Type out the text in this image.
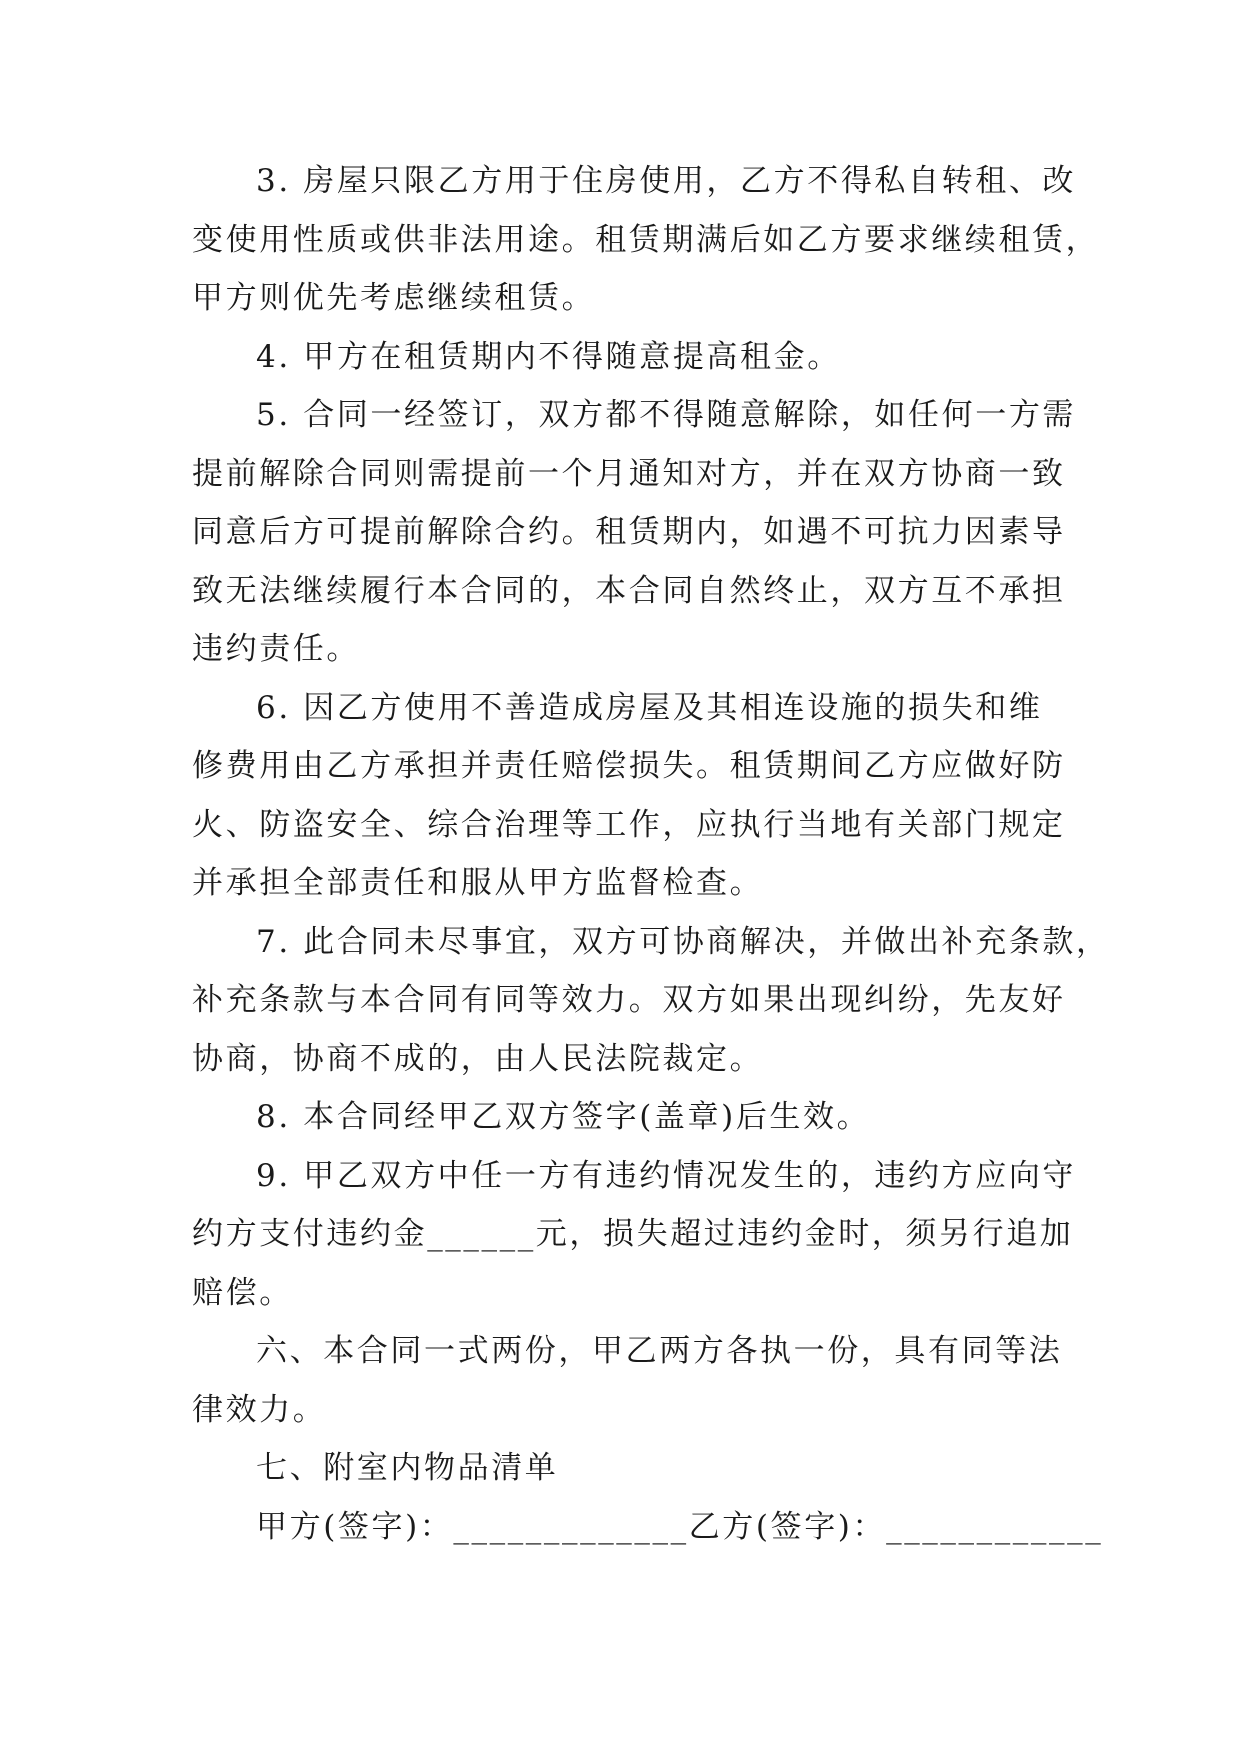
3. 房屋只限乙方用于住房使用，乙方不得私自转租、改
变使用性质或供非法用途。租赁期满后如乙方要求继续租赁，
甲方则优先考虑继续租赁。

4. 甲方在租赁期内不得随意提高租金。

5. 合同一经签订，双方都不得随意解除，如任何一方需
提前解除合同则需提前一个月通知对方，并在双方协商一致
同意后方可提前解除合约。租赁期内，如遇不可抗力因素导
致无法继续履行本合同的，本合同自然终止，双方互不承担
违约责任。

6. 因乙方使用不善造成房屋及其相连设施的损失和维
修费用由乙方承担并责任赔偿损失。租赁期间乙方应做好防
火、防盗安全、综合治理等工作，应执行当地有关部门规定
并承担全部责任和服从甲方监督检查。

7. 此合同未尽事宜，双方可协商解决，并做出补充条款，
补充条款与本合同有同等效力。双方如果出现纠纷，先友好
协商，协商不成的，由人民法院裁定。

8. 本合同经甲乙双方签字(盖章)后生效。

9. 甲乙双方中任一方有违约情况发生的，违约方应向守
约方支付违约金______元，损失超过违约金时，须另行追加
赔偿。

六、本合同一式两份，甲乙两方各执一份，具有同等法
律效力。

七、附室内物品清单

甲方(签字)：_____________乙方(签字)：____________
